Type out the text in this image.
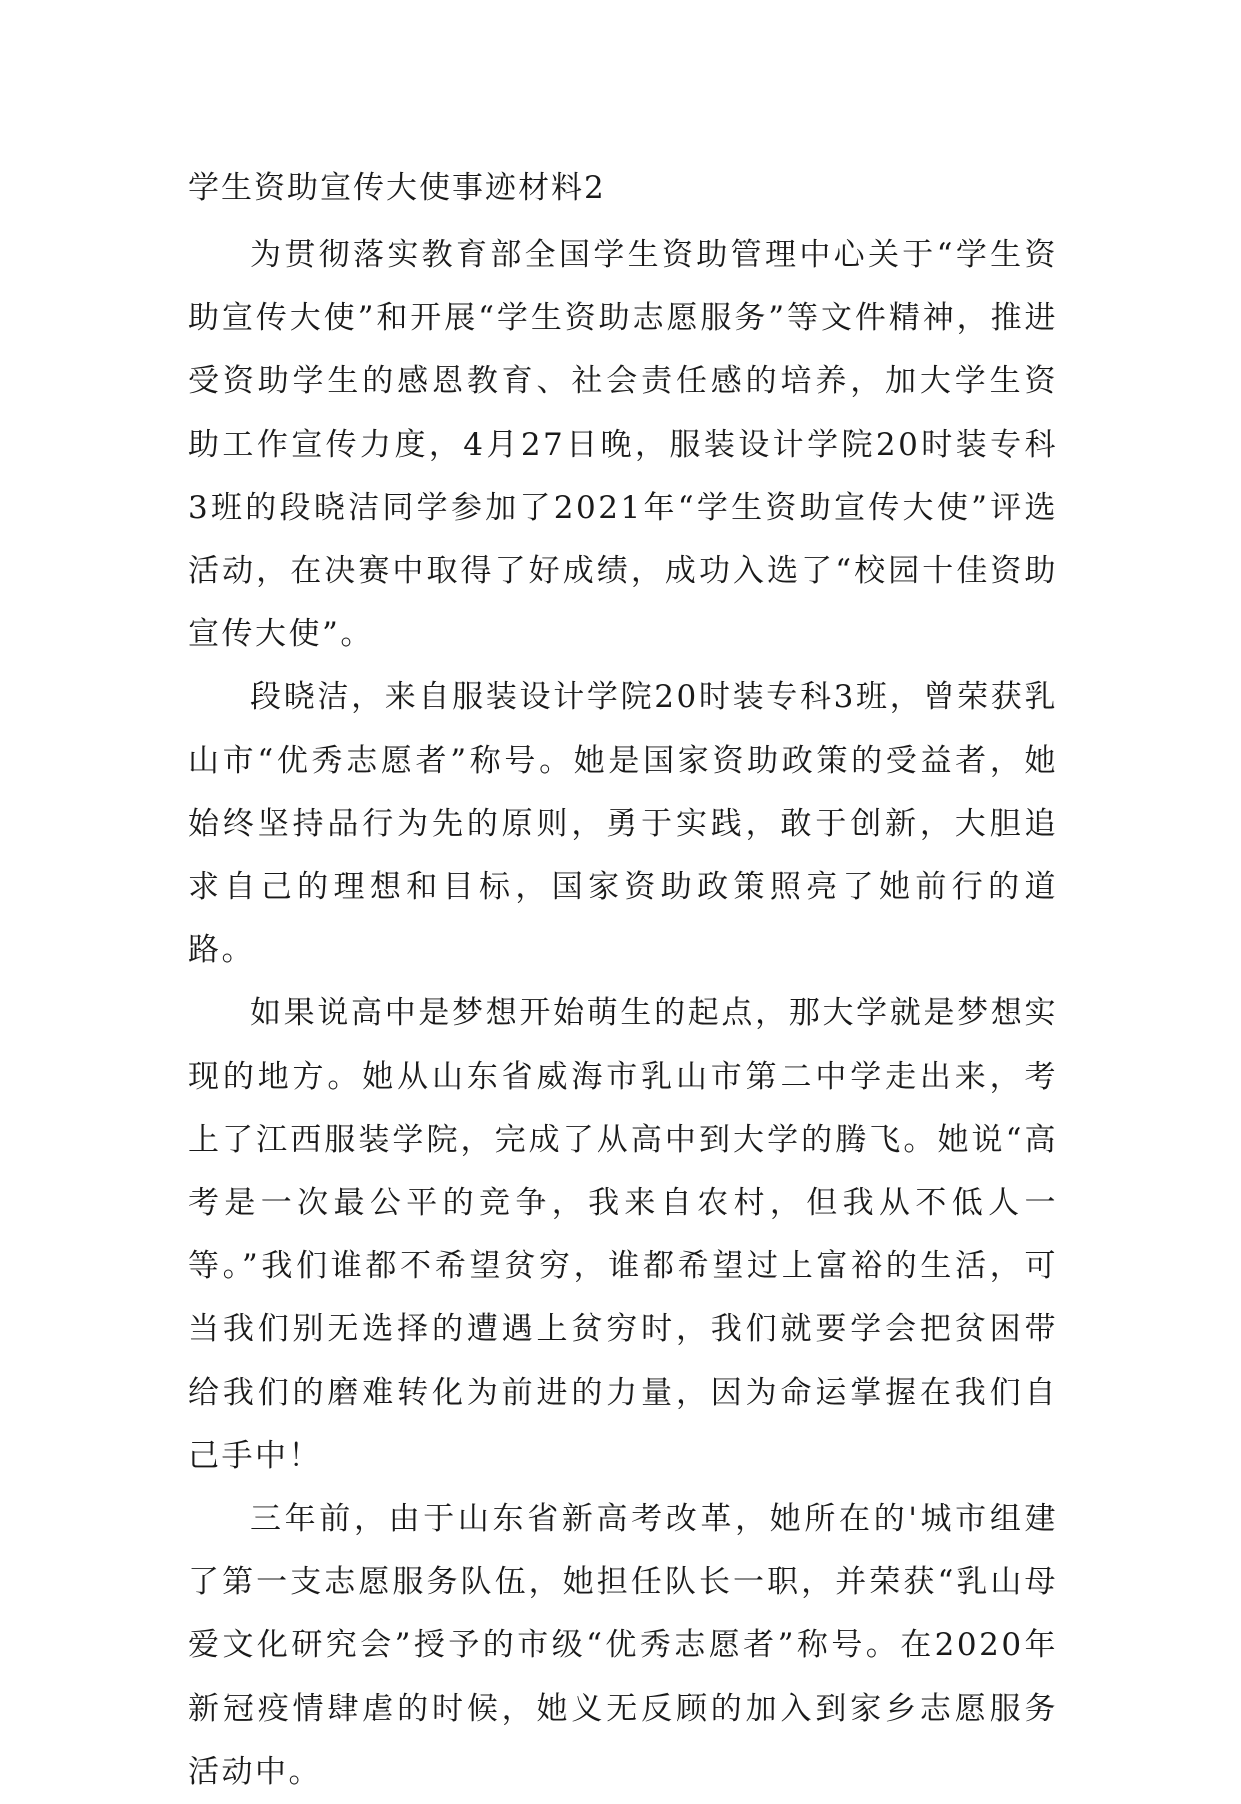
学生资助宣传大使事迹材料2

为贯彻落实教育部全国学生资助管理中心关于“学生资助宣传大使”和开展“学生资助志愿服务”等文件精神，推进受资助学生的感恩教育、社会责任感的培养，加大学生资助工作宣传力度，4月27日晚，服装设计学院20时装专科3班的段晓洁同学参加了2021年“学生资助宣传大使”评选活动，在决赛中取得了好成绩，成功入选了“校园十佳资助宣传大使”。

段晓洁，来自服装设计学院20时装专科3班，曾荣获乳山市“优秀志愿者”称号。她是国家资助政策的受益者，她始终坚持品行为先的原则，勇于实践，敢于创新，大胆追求自己的理想和目标，国家资助政策照亮了她前行的道路。

如果说高中是梦想开始萌生的起点，那大学就是梦想实现的地方。她从山东省威海市乳山市第二中学走出来，考上了江西服装学院，完成了从高中到大学的腾飞。她说“高考是一次最公平的竞争，我来自农村，但我从不低人一等。”我们谁都不希望贫穷，谁都希望过上富裕的生活，可当我们别无选择的遭遇上贫穷时，我们就要学会把贫困带给我们的磨难转化为前进的力量，因为命运掌握在我们自己手中！

三年前，由于山东省新高考改革，她所在的'城市组建了第一支志愿服务队伍，她担任队长一职，并荣获“乳山母爱文化研究会”授予的市级“优秀志愿者”称号。在2020年新冠疫情肆虐的时候，她义无反顾的加入到家乡志愿服务活动中。
